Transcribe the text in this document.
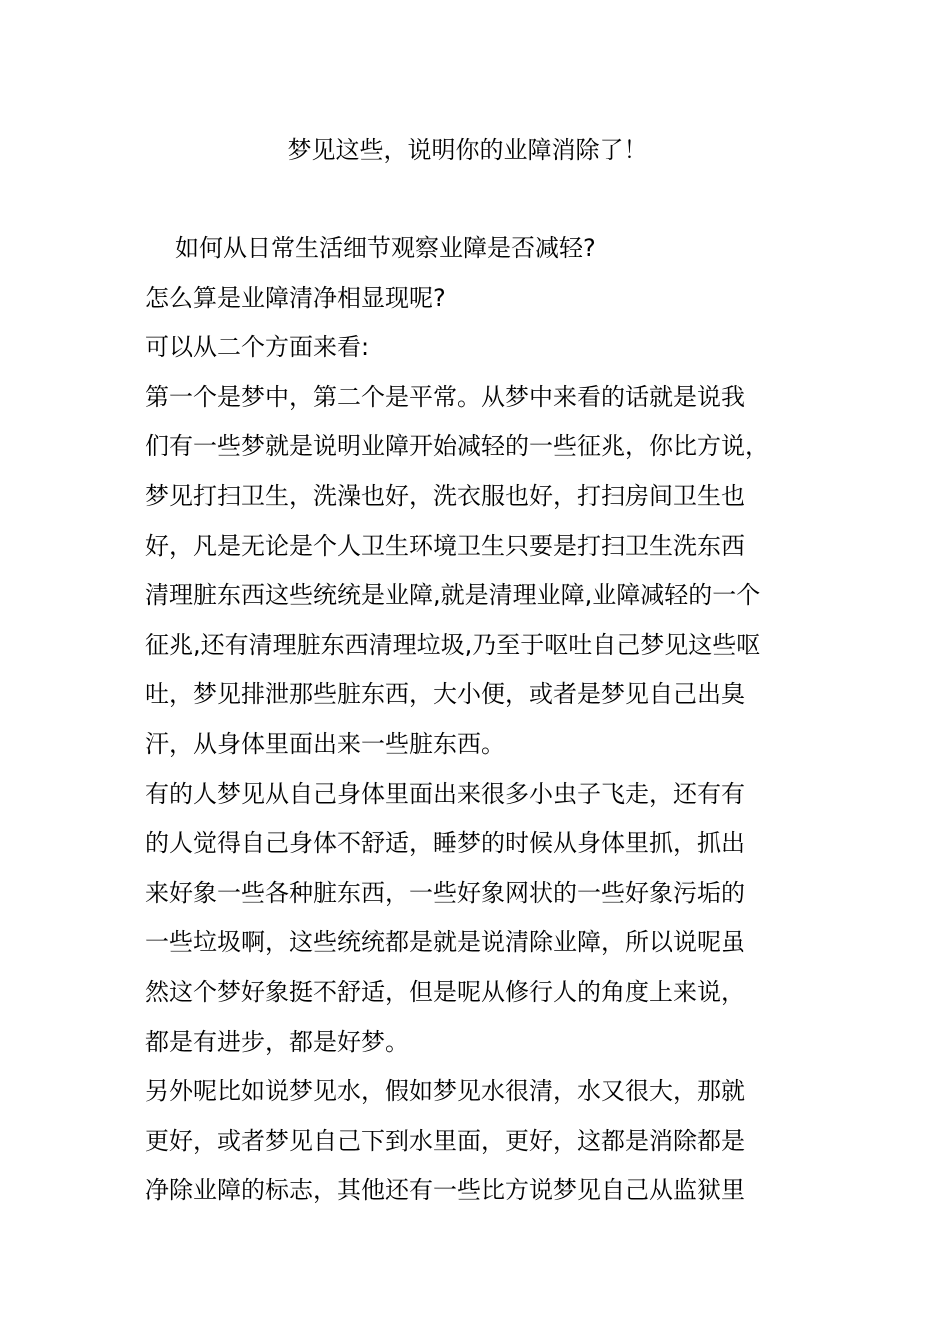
梦见这些，说明你的业障消除了！
如何从日常生活细节观察业障是否减轻?
怎么算是业障清净相显现呢?
可以从二个方面来看:
第一个是梦中，第二个是平常。从梦中来看的话就是说我
们有一些梦就是说明业障开始减轻的一些征兆，你比方说，
梦见打扫卫生，洗澡也好，洗衣服也好，打扫房间卫生也
好，凡是无论是个人卫生环境卫生只要是打扫卫生洗东西
清理脏东西这些统统是业障,就是清理业障,业障减轻的一个
征兆,还有清理脏东西清理垃圾,乃至于呕吐自己梦见这些呕
吐，梦见排泄那些脏东西，大小便，或者是梦见自己出臭
汗，从身体里面出来一些脏东西。
有的人梦见从自己身体里面出来很多小虫子飞走，还有有
的人觉得自己身体不舒适，睡梦的时候从身体里抓，抓出
来好象一些各种脏东西，一些好象网状的一些好象污垢的
一些垃圾啊，这些统统都是就是说清除业障，所以说呢虽
然这个梦好象挺不舒适，但是呢从修行人的角度上来说，
都是有进步，都是好梦。
另外呢比如说梦见水，假如梦见水很清，水又很大，那就
更好，或者梦见自己下到水里面，更好，这都是消除都是
净除业障的标志，其他还有一些比方说梦见自己从监狱里
